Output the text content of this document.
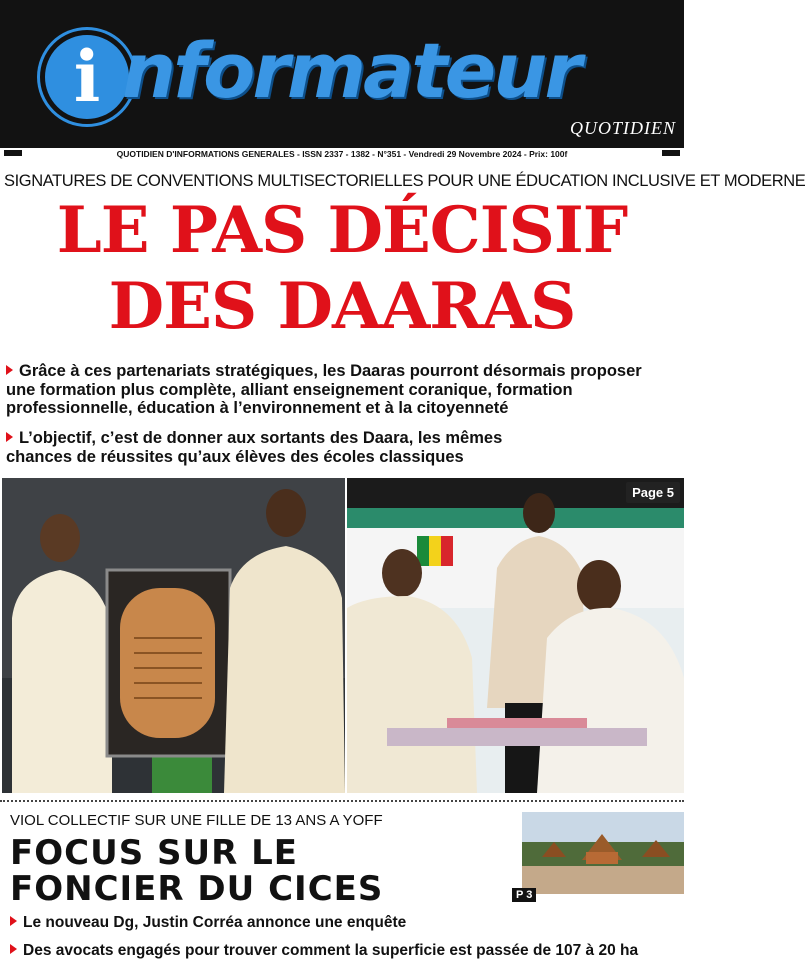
i nformateur
QUOTIDIEN
QUOTIDIEN D'INFORMATIONS GENERALES - ISSN 2337 - 1382 - N°351 - Vendredi 29 Novembre 2024 - Prix: 100f
SIGNATURES DE CONVENTIONS MULTISECTORIELLES POUR UNE ÉDUCATION INCLUSIVE ET MODERNE
LE PAS DÉCISIF
DES DAARAS
Grâce à ces partenariats stratégiques, les Daaras pourront désormais proposer
une formation plus complète, alliant enseignement coranique, formation
professionnelle, éducation à l’environnement et à la citoyenneté
L’objectif, c’est de donner aux sortants des Daara, les mêmes
chances de réussites qu’aux élèves des écoles classiques
Page 5
VIOL COLLECTIF SUR UNE FILLE DE 13 ANS A YOFF
FOCUS SUR LE
FONCIER DU CICES	P 3
Le nouveau Dg, Justin Corréa annonce une enquête
Des avocats engagés pour trouver comment la superficie est passée de 107 à 20 ha
